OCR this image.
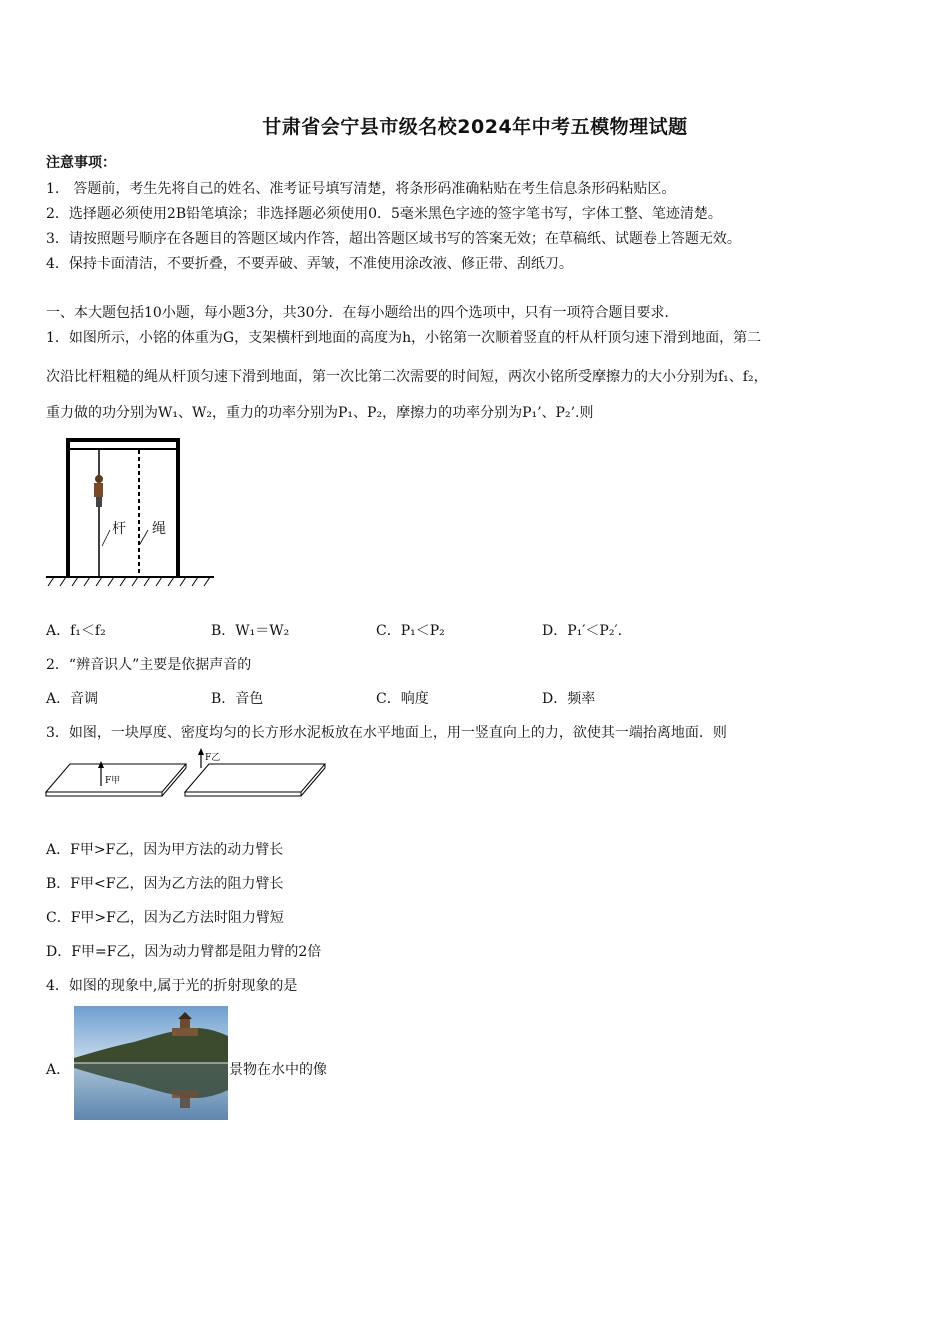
甘肃省会宁县市级名校2024年中考五模物理试题
注意事项：
1.　答题前，考生先将自己的姓名、准考证号填写清楚，将条形码准确粘贴在考生信息条形码粘贴区。
2．选择题必须使用2B铅笔填涂；非选择题必须使用0．5毫米黑色字迹的签字笔书写，字体工整、笔迹清楚。
3．请按照题号顺序在各题目的答题区域内作答，超出答题区域书写的答案无效；在草稿纸、试题卷上答题无效。
4．保持卡面清洁，不要折叠，不要弄破、弄皱，不准使用涂改液、修正带、刮纸刀。
一、本大题包括10小题，每小题3分，共30分．在每小题给出的四个选项中，只有一项符合题目要求．
1．如图所示，小铭的体重为G，支架横杆到地面的高度为h，小铭第一次顺着竖直的杆从杆顶匀速下滑到地面，第二
次沿比杆粗糙的绳从杆顶匀速下滑到地面，第一次比第二次需要的时间短，两次小铭所受摩擦力的大小分别为f₁、f₂，
重力做的功分别为W₁、W₂，重力的功率分别为P₁、P₂，摩擦力的功率分别为P₁’、P₂’.则
杆 绳
A．f₁＜f₂	B．W₁＝W₂	C．P₁＜P₂	D．P₁′＜P₂′.
2．“辨音识人”主要是依据声音的
A．音调	B．音色	C．响度	D．频率
3．如图，一块厚度、密度均匀的长方形水泥板放在水平地面上，用一竖直向上的力，欲使其一端抬离地面．则
F甲
F乙
A．F甲>F乙，因为甲方法的动力臂长
B．F甲<F乙，因为乙方法的阻力臂长
C．F甲>F乙，因为乙方法时阻力臂短
D．F甲=F乙，因为动力臂都是阻力臂的2倍
4．如图的现象中,属于光的折射现象的是
A．	景物在水中的像
